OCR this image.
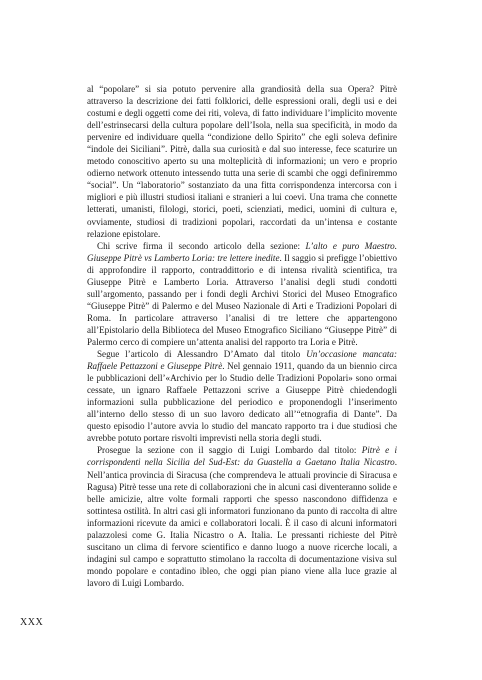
al “popolare” si sia potuto pervenire alla grandiosità della sua Opera? Pitrè attraverso la descrizione dei fatti folklorici, delle espressioni orali, degli usi e dei costumi e degli oggetti come dei riti, voleva, di fatto individuare l’implicito movente dell’estrinsecarsi della cultura popolare dell’Isola, nella sua specificità, in modo da pervenire ed individuare quella “condizione dello Spirito” che egli soleva definire “indole dei Siciliani”. Pitrè, dalla sua curiosità e dal suo interesse, fece scaturire un metodo conoscitivo aperto su una molteplicità di informazioni; un vero e proprio odierno network ottenuto intessendo tutta una serie di scambi che oggi definiremmo “social”. Un “laboratorio” sostanziato da una fitta corrispondenza intercorsa con i migliori e più illustri studiosi italiani e stranieri a lui coevi. Una trama che connette letterati, umanisti, filologi, storici, poeti, scienziati, medici, uomini di cultura e, ovviamente, studiosi di tradizioni popolari, raccordati da un’intensa e costante relazione epistolare.

Chi scrive firma il secondo articolo della sezione: L’alto e puro Maestro. Giuseppe Pitrè vs Lamberto Loria: tre lettere inedite. Il saggio si prefigge l’obiettivo di approfondire il rapporto, contraddittorio e di intensa rivalità scientifica, tra Giuseppe Pitrè e Lamberto Loria. Attraverso l’analisi degli studi condotti sull’argomento, passando per i fondi degli Archivi Storici del Museo Etnografico “Giuseppe Pitrè” di Palermo e del Museo Nazionale di Arti e Tradizioni Popolari di Roma. In particolare attraverso l’analisi di tre lettere che appartengono all’Epistolario della Biblioteca del Museo Etnografico Siciliano “Giuseppe Pitrè” di Palermo cerco di compiere un’attenta analisi del rapporto tra Loria e Pitrè.

Segue l’articolo di Alessandro D’Amato dal titolo Un’occasione mancata: Raffaele Pettazzoni e Giuseppe Pitrè. Nel gennaio 1911, quando da un biennio circa le pubblicazioni dell’«Archivio per lo Studio delle Tradizioni Popolari» sono ormai cessate, un ignaro Raffaele Pettazzoni scrive a Giuseppe Pitrè chiedendogli informazioni sulla pubblicazione del periodico e proponendogli l’inserimento all’interno dello stesso di un suo lavoro dedicato all’“etnografia di Dante”. Da questo episodio l’autore avvia lo studio del mancato rapporto tra i due studiosi che avrebbe potuto portare risvolti imprevisti nella storia degli studi.

Prosegue la sezione con il saggio di Luigi Lombardo dal titolo: Pitrè e i corrispondenti nella Sicilia del Sud-Est: da Guastella a Gaetano Italia Nicastro. Nell’antica provincia di Siracusa (che comprendeva le attuali provincie di Siracusa e Ragusa) Pitrè tesse una rete di collaborazioni che in alcuni casi diventeranno solide e belle amicizie, altre volte formali rapporti che spesso nascondono diffidenza e sottintesa ostilità. In altri casi gli informatori funzionano da punto di raccolta di altre informazioni ricevute da amici e collaboratori locali. È il caso di alcuni informatori palazzolesi come G. Italia Nicastro o A. Italia. Le pressanti richieste del Pitrè suscitano un clima di fervore scientifico e danno luogo a nuove ricerche locali, a indagini sul campo e soprattutto stimolano la raccolta di documentazione visiva sul mondo popolare e contadino ibleo, che oggi pian piano viene alla luce grazie al lavoro di Luigi Lombardo.

XXX
